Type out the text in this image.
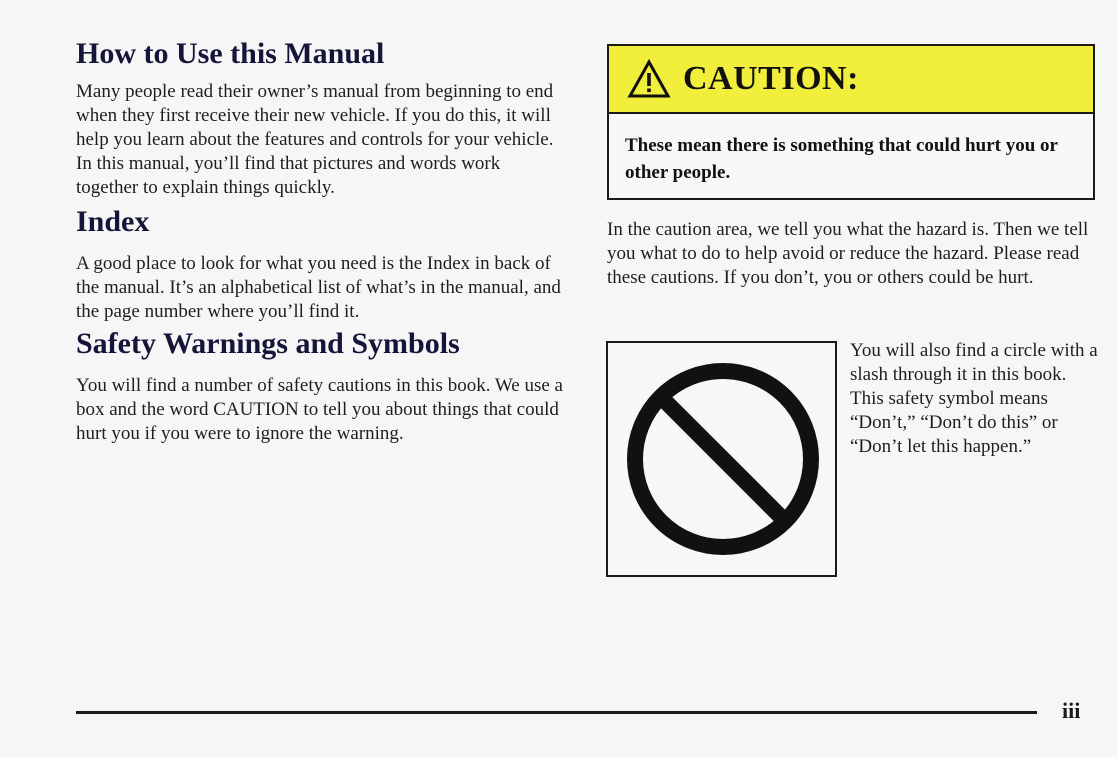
How to Use this Manual

Many people read their owner’s manual from beginning to end when they first receive their new vehicle. If you do this, it will help you learn about the features and controls for your vehicle. In this manual, you’ll find that pictures and words work together to explain things quickly.

Index

A good place to look for what you need is the Index in back of the manual. It’s an alphabetical list of what’s in the manual, and the page number where you’ll find it.

Safety Warnings and Symbols

You will find a number of safety cautions in this book. We use a box and the word CAUTION to tell you about things that could hurt you if you were to ignore the warning.

CAUTION:
These mean there is something that could hurt you or other people.

In the caution area, we tell you what the hazard is. Then we tell you what to do to help avoid or reduce the hazard. Please read these cautions. If you don’t, you or others could be hurt.

You will also find a circle with a slash through it in this book. This safety symbol means “Don’t,” “Don’t do this” or “Don’t let this happen.”

iii
